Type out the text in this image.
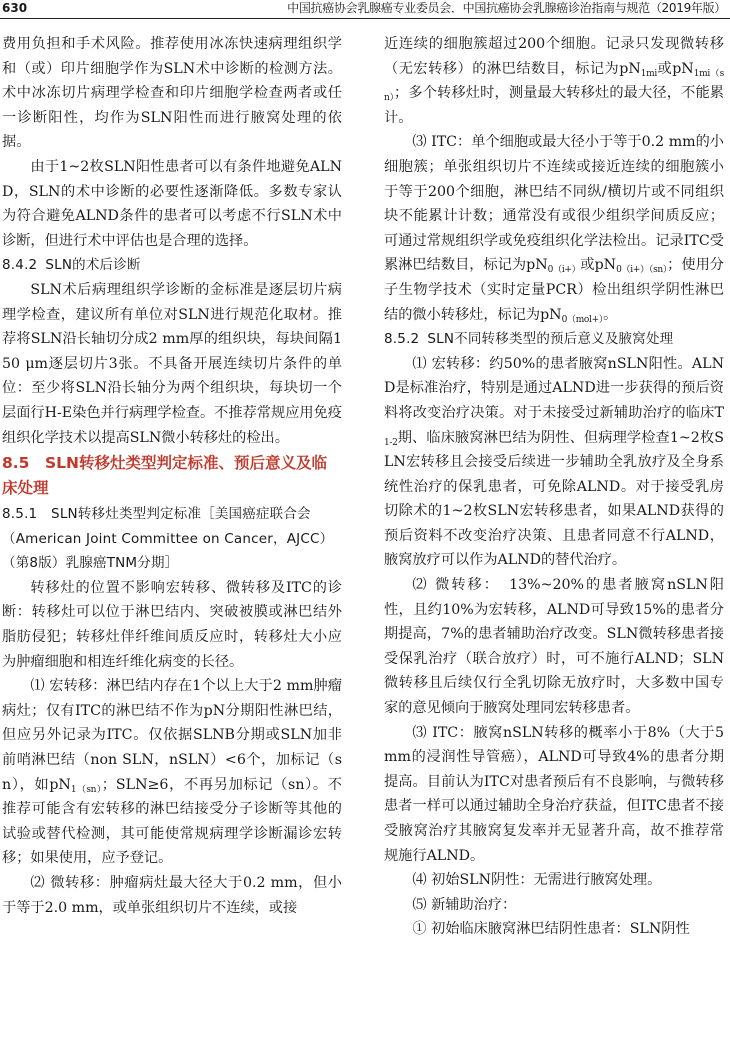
630	中国抗癌协会乳腺癌专业委员会．中国抗癌协会乳腺癌诊治指南与规范（2019年版）

费用负担和手术风险。推荐使用冰冻快速病理组织学和（或）印片细胞学作为SLN术中诊断的检测方法。术中冰冻切片病理学检查和印片细胞学检查两者或任一诊断阳性，均作为SLN阳性而进行腋窝处理的依据。

由于1~2枚SLN阳性患者可以有条件地避免ALND，SLN的术中诊断的必要性逐渐降低。多数专家认为符合避免ALND条件的患者可以考虑不行SLN术中诊断，但进行术中评估也是合理的选择。

8.4.2 SLN的术后诊断

SLN术后病理组织学诊断的金标准是逐层切片病理学检查，建议所有单位对SLN进行规范化取材。推荐将SLN沿长轴切分成2 mm厚的组织块，每块间隔150 μm逐层切片3张。不具备开展连续切片条件的单位：至少将SLN沿长轴分为两个组织块，每块切一个层面行H-E染色并行病理学检查。不推荐常规应用免疫组织化学技术以提高SLN微小转移灶的检出。

8.5　SLN转移灶类型判定标准、预后意义及临床处理
8.5.1　SLN转移灶类型判定标准［美国癌症联合会（American Joint Committee on Cancer，AJCC）（第8版）乳腺癌TNM分期］

转移灶的位置不影响宏转移、微转移及ITC的诊断：转移灶可以位于淋巴结内、突破被膜或淋巴结外脂肪侵犯；转移灶伴纤维间质反应时，转移灶大小应为肿瘤细胞和相连纤维化病变的长径。

⑴ 宏转移：淋巴结内存在1个以上大于2 mm肿瘤病灶；仅有ITC的淋巴结不作为pN分期阳性淋巴结，但应另外记录为ITC。仅依据SLNB分期或SLN加非前哨淋巴结（non SLN，nSLN）<6个，加标记（sn），如$pN_{1(sn)}$；SLN≥6，不再另加标记（sn）。不推荐可能含有宏转移的淋巴结接受分子诊断等其他的试验或替代检测，其可能使常规病理学诊断漏诊宏转移；如果使用，应予登记。

⑵ 微转移：肿瘤病灶最大径大于0.2 mm，但小于等于2.0 mm，或单张组织切片不连续，或接

近连续的细胞簇超过200个细胞。记录只发现微转移（无宏转移）的淋巴结数目，标记为$pN_{1mi}$或$pN_{1mi(sn)}$；多个转移灶时，测量最大转移灶的最大径，不能累计。

⑶ ITC：单个细胞或最大径小于等于0.2 mm的小细胞簇；单张组织切片不连续或接近连续的细胞簇小于等于200个细胞，淋巴结不同纵/横切片或不同组织块不能累计计数；通常没有或很少组织学间质反应；可通过常规组织学或免疫组织化学法检出。记录ITC受累淋巴结数目，标记为$pN_{0(i+)}$或$pN_{0(i+)(sn)}$；使用分子生物学技术（实时定量PCR）检出组织学阴性淋巴结的微小转移灶，标记为$pN_{0(mol+)}$。

8.5.2 SLN不同转移类型的预后意义及腋窝处理

⑴ 宏转移：约50%的患者腋窝nSLN阳性。ALND是标准治疗，特别是通过ALND进一步获得的预后资料将改变治疗决策。对于未接受过新辅助治疗的临床$T_{1-2}$期、临床腋窝淋巴结为阴性、但病理学检查1~2枚SLN宏转移且会接受后续进一步辅助全乳放疗及全身系统性治疗的保乳患者，可免除ALND。对于接受乳房切除术的1~2枚SLN宏转移患者，如果ALND获得的预后资料不改变治疗决策、且患者同意不行ALND，腋窝放疗可以作为ALND的替代治疗。

⑵ 微转移：　13%~20%的患者腋窝nSLN阳性，且约10%为宏转移，ALND可导致15%的患者分期提高，7%的患者辅助治疗改变。SLN微转移患者接受保乳治疗（联合放疗）时，可不施行ALND；SLN微转移且后续仅行全乳切除无放疗时，大多数中国专家的意见倾向于腋窝处理同宏转移患者。

⑶ ITC：腋窝nSLN转移的概率小于8%（大于5 mm的浸润性导管癌），ALND可导致4%的患者分期提高。目前认为ITC对患者预后有不良影响，与微转移患者一样可以通过辅助全身治疗获益，但ITC患者不接受腋窝治疗其腋窝复发率并无显著升高，故不推荐常规施行ALND。

⑷ 初始SLN阴性：无需进行腋窝处理。

⑸ 新辅助治疗：

① 初始临床腋窝淋巴结阴性患者：SLN阴性
